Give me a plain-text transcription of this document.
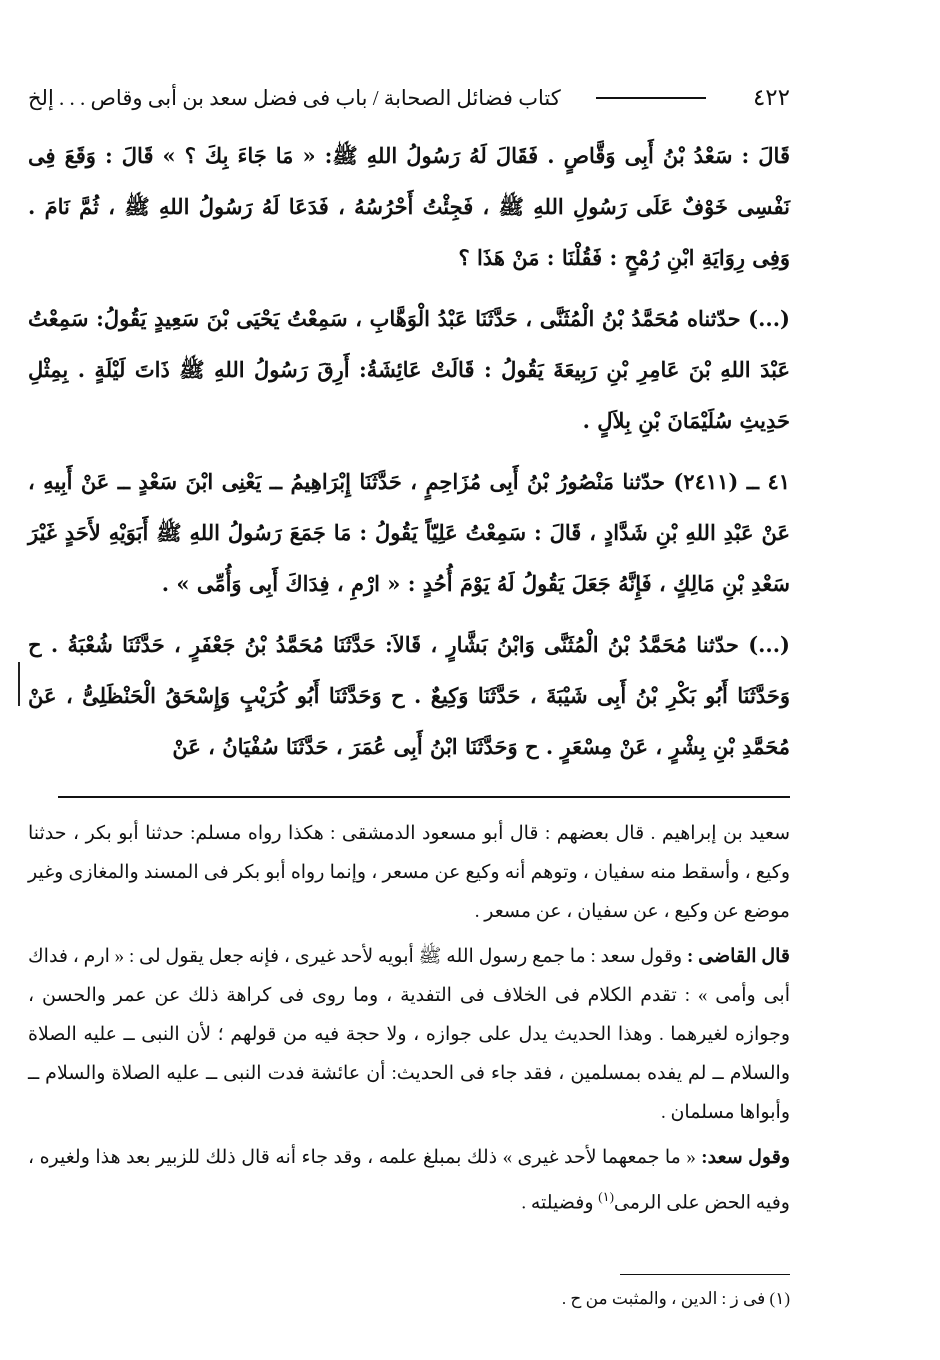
٤٢٢
كتاب فضائل الصحابة / باب فى فضل سعد بن أبى وقاص . . . إلخ

قَالَ : سَعْدُ بْنُ أَبِى وَقَّاصٍ . فَقَالَ لَهُ رَسُولُ اللهِ ﷺ: « مَا جَاءَ بِكَ ؟ » قَالَ : وَقَعَ فِى نَفْسِى خَوْفٌ عَلَى رَسُولِ اللهِ ﷺ ، فَجِئْتُ أَحْرُسُهُ ، فَدَعَا لَهُ رَسُولُ اللهِ ﷺ ، ثُمَّ نَامَ . وَفِى رِوَايَةِ ابْنِ رُمْحٍ : فَقُلْنَا : مَنْ هَذَا ؟

(...) حدّثناه مُحَمَّدُ بْنُ الْمُثَنَّى ، حَدَّثَنَا عَبْدُ الْوَهَّابِ ، سَمِعْتُ يَحْيَى بْنَ سَعِيدٍ يَقُولُ: سَمِعْتُ عَبْدَ اللهِ بْنَ عَامِرِ بْنِ رَبِيعَةَ يَقُولُ : قَالَتْ عَائِشَةُ: أَرِقَ رَسُولُ اللهِ ﷺ ذَاتَ لَيْلَةٍ . بِمِثْلِ حَدِيثِ سُلَيْمَانَ بْنِ بِلاَلٍ .

٤١ ــ (٢٤١١) حدّثنا مَنْصُورُ بْنُ أَبِى مُزَاحِمٍ ، حَدَّثَنَا إِبْرَاهِيمُ ــ يَعْنِى ابْنَ سَعْدٍ ــ عَنْ أَبِيهِ ، عَنْ عَبْدِ اللهِ بْنِ شَدَّادٍ ، قَالَ : سَمِعْتُ عَلِيّاً يَقُولُ : مَا جَمَعَ رَسُولُ اللهِ ﷺ أَبَوَيْهِ لأَحَدٍ غَيْرَ سَعْدِ بْنِ مَالِكٍ ، فَإِنَّهُ جَعَلَ يَقُولُ لَهُ يَوْمَ أُحُدٍ : « ارْمِ ، فِدَاكَ أَبِى وَأُمِّى » .

(...) حدّثنا مُحَمَّدُ بْنُ الْمُثَنَّى وَابْنُ بَشَّارٍ ، قَالاَ: حَدَّثَنَا مُحَمَّدُ بْنُ جَعْفَرٍ ، حَدَّثَنَا شُعْبَةُ . ح وَحَدَّثَنَا أَبُو بَكْرِ بْنُ أَبِى شَيْبَةَ ، حَدَّثَنَا وَكِيعٌ . ح وَحَدَّثَنَا أَبُو كُرَيْبٍ وَإِسْحَقُ الْحَنْظَلِىُّ ، عَنْ مُحَمَّدِ بْنِ بِشْرٍ ، عَنْ مِسْعَرٍ . ح وَحَدَّثَنَا ابْنُ أَبِى عُمَرَ ، حَدَّثَنَا سُفْيَانُ ، عَنْ

سعيد بن إبراهيم . قال بعضهم : قال أبو مسعود الدمشقى : هكذا رواه مسلم: حدثنا أبو بكر ، حدثنا وكيع ، وأسقط منه سفيان ، وتوهم أنه وكيع عن مسعر ، وإنما رواه أبو بكر فى المسند والمغازى وغير موضع عن وكيع ، عن سفيان ، عن مسعر .

قال القاضى : وقول سعد : ما جمع رسول الله ﷺ أبويه لأحد غيرى ، فإنه جعل يقول لى : « ارم ، فداك أبى وأمى » : تقدم الكلام فى الخلاف فى التفدية ، وما روى فى كراهة ذلك عن عمر والحسن ، وجوازه لغيرهما . وهذا الحديث يدل على جوازه ، ولا حجة فيه من قولهم ؛ لأن النبى ــ عليه الصلاة والسلام ــ لم يفده بمسلمين ، فقد جاء فى الحديث: أن عائشة فدت النبى ــ عليه الصلاة والسلام ــ وأبواها مسلمان .

وقول سعد: « ما جمعهما لأحد غيرى » ذلك بمبلغ علمه ، وقد جاء أنه قال ذلك للزبير بعد هذا ولغيره ، وفيه الحض على الرمى$^{(١)}$ وفضيلته .

(١) فى ز : الدين ، والمثبت من ح .
